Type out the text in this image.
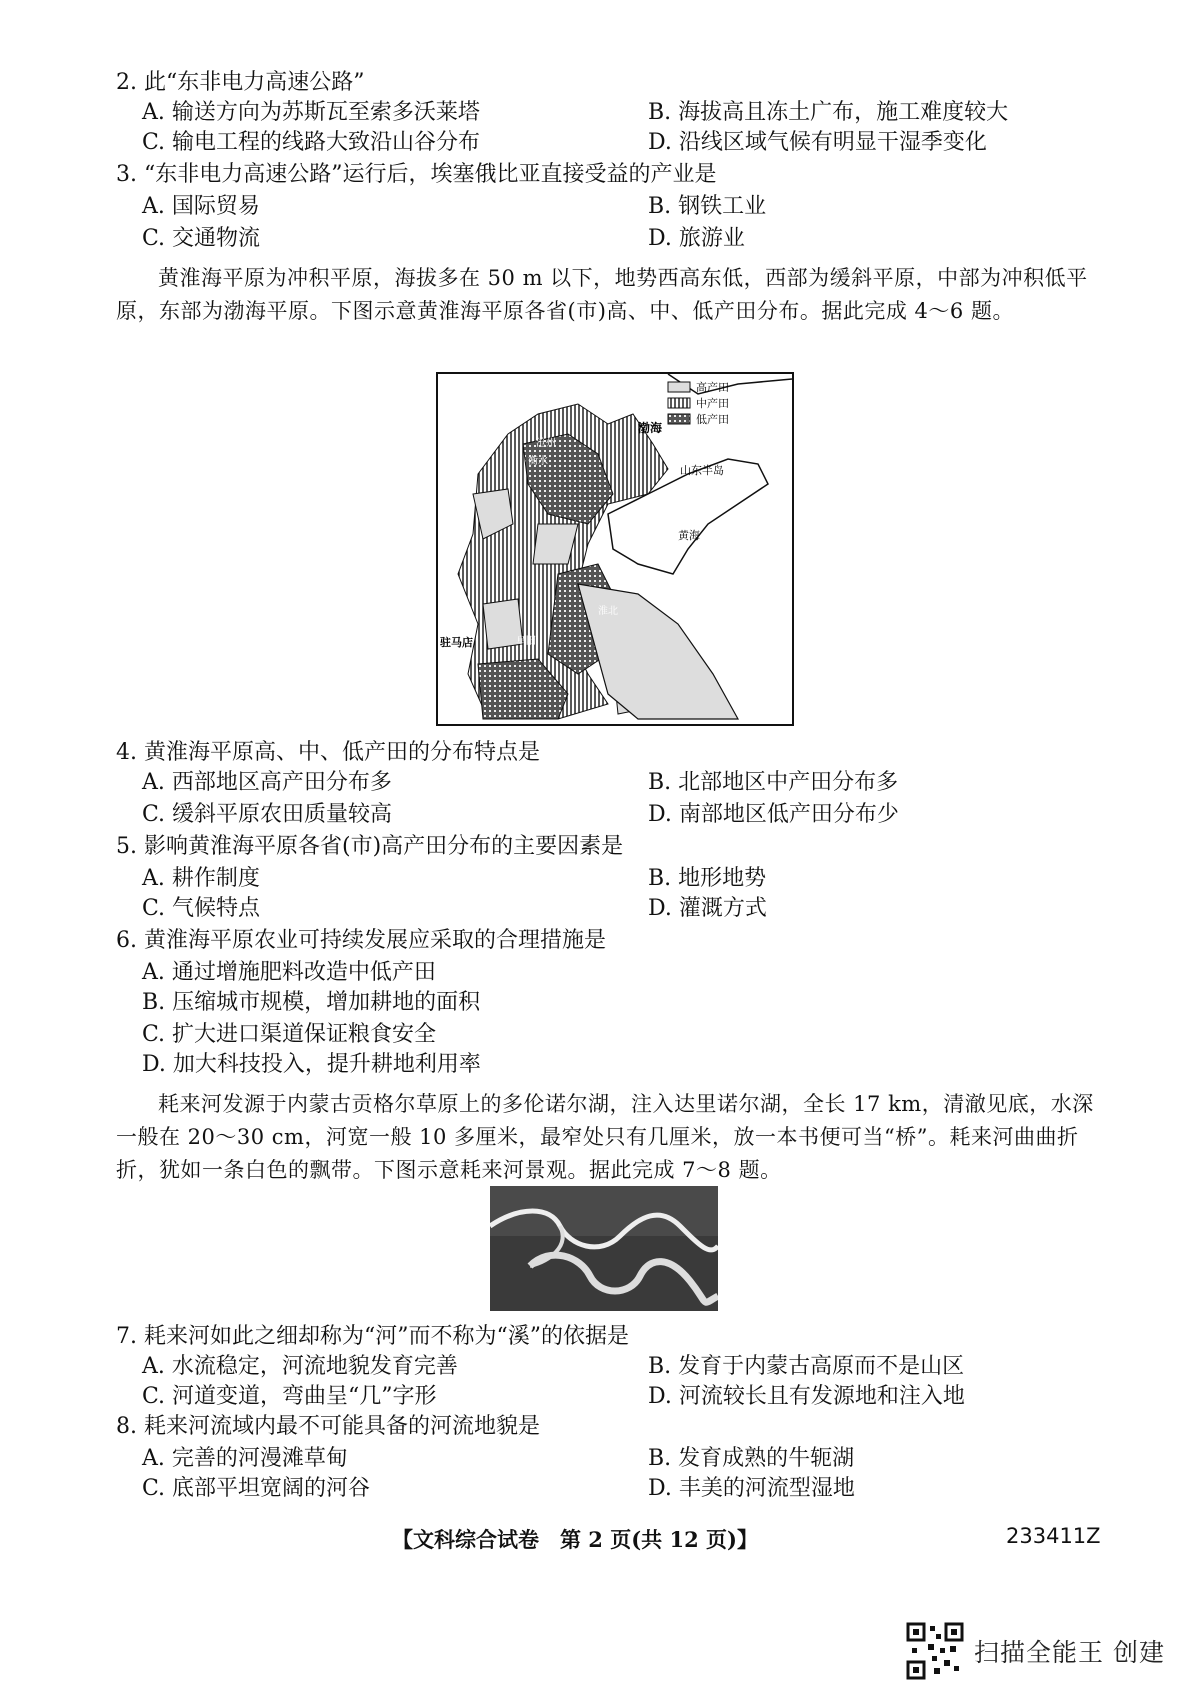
2. 此“东非电力高速公路”
A. 输送方向为苏斯瓦至索多沃莱塔	B. 海拔高且冻土广布，施工难度较大
C. 输电工程的线路大致沿山谷分布	D. 沿线区域气候有明显干湿季变化
3. “东非电力高速公路”运行后，埃塞俄比亚直接受益的产业是
A. 国际贸易	B. 钢铁工业
C. 交通物流	D. 旅游业
黄淮海平原为冲积平原，海拔多在 50 m 以下，地势西高东低，西部为缓斜平原，中部为冲积低平原，东部为渤海平原。下图示意黄淮海平原各省(市)高、中、低产田分布。据此完成 4～6 题。
高产田
中产田
低产田
渤海
山东半岛
黄海
沧州
衡水
淮北
驻马店	阜阳
4. 黄淮海平原高、中、低产田的分布特点是
A. 西部地区高产田分布多	B. 北部地区中产田分布多
C. 缓斜平原农田质量较高	D. 南部地区低产田分布少
5. 影响黄淮海平原各省(市)高产田分布的主要因素是
A. 耕作制度	B. 地形地势
C. 气候特点	D. 灌溉方式
6. 黄淮海平原农业可持续发展应采取的合理措施是
A. 通过增施肥料改造中低产田
B. 压缩城市规模，增加耕地的面积
C. 扩大进口渠道保证粮食安全
D. 加大科技投入，提升耕地利用率
耗来河发源于内蒙古贡格尔草原上的多伦诺尔湖，注入达里诺尔湖，全长 17 km，清澈见底，水深一般在 20～30 cm，河宽一般 10 多厘米，最窄处只有几厘米，放一本书便可当“桥”。耗来河曲曲折折，犹如一条白色的飘带。下图示意耗来河景观。据此完成 7～8 题。
7. 耗来河如此之细却称为“河”而不称为“溪”的依据是
A. 水流稳定，河流地貌发育完善	B. 发育于内蒙古高原而不是山区
C. 河道变道，弯曲呈“几”字形	D. 河流较长且有发源地和注入地
8. 耗来河流域内最不可能具备的河流地貌是
A. 完善的河漫滩草甸	B. 发育成熟的牛轭湖
C. 底部平坦宽阔的河谷	D. 丰美的河流型湿地
【文科综合试卷　第 2 页(共 12 页)】	233411Z
扫描全能王 创建
